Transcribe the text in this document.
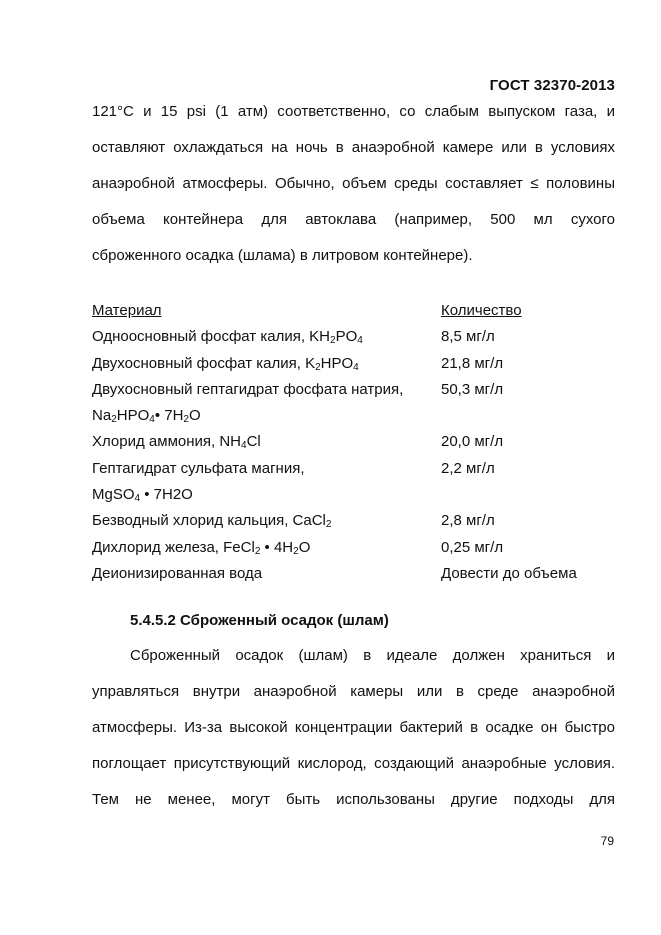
ГОСТ 32370-2013
121°C и 15 psi (1 атм) соответственно, со слабым выпуском газа, и
оставляют охлаждаться на ночь в анаэробной камере или в условиях
анаэробной атмосферы. Обычно, объем среды составляет ≤ половины
объема контейнера для автоклава (например, 500 мл сухого
сброженного осадка (шлама) в литровом контейнере).
Материал	Количество
Одноосновный фосфат калия, $KH_2PO_4$	8,5 мг/л
Двухосновный фосфат калия, $K_2HPO_4$	21,8 мг/л
Двухосновный гептагидрат фосфата натрия,	50,3 мг/л
$Na_2HPO_4•$ $7H_2O$
Хлорид аммония, $NH_4Cl$	20,0 мг/л
Гептагидрат сульфата магния,	2,2 мг/л
MgSO$_4$ • 7H2O
Безводный хлорид кальция, CaCl$_2$	2,8 мг/л
Дихлорид железа, FeCl$_2$ • $4H_2O$	0,25 мг/л
Деионизированная вода	Довести до объема
5.4.5.2 Сброженный осадок (шлам)
Сброженный осадок (шлам) в идеале должен храниться и
управляться внутри анаэробной камеры или в среде анаэробной
атмосферы. Из-за высокой концентрации бактерий в осадке он быстро
поглощает присутствующий кислород, создающий анаэробные условия.
Тем не менее, могут быть использованы другие подходы для
79
